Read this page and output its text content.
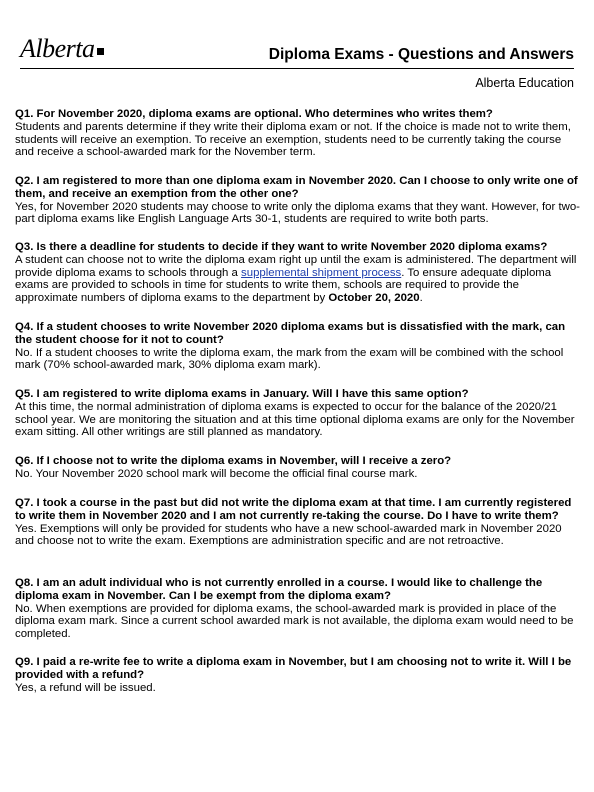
Alberta	Diploma Exams - Questions and Answers
Alberta Education
Q1. For November 2020, diploma exams are optional. Who determines who writes them?
Students and parents determine if they write their diploma exam or not. If the choice is made not to write them, students will receive an exemption. To receive an exemption, students need to be currently taking the course and receive a school-awarded mark for the November term.
Q2. I am registered to more than one diploma exam in November 2020. Can I choose to only write one of them, and receive an exemption from the other one?
Yes, for November 2020 students may choose to write only the diploma exams that they want. However, for two-part diploma exams like English Language Arts 30-1, students are required to write both parts.
Q3. Is there a deadline for students to decide if they want to write November 2020 diploma exams?
A student can choose not to write the diploma exam right up until the exam is administered. The department will provide diploma exams to schools through a supplemental shipment process. To ensure adequate diploma exams are provided to schools in time for students to write them, schools are required to provide the approximate numbers of diploma exams to the department by October 20, 2020.
Q4. If a student chooses to write November 2020 diploma exams but is dissatisfied with the mark, can the student choose for it not to count?
No. If a student chooses to write the diploma exam, the mark from the exam will be combined with the school mark (70% school-awarded mark, 30% diploma exam mark).
Q5. I am registered to write diploma exams in January. Will I have this same option?
At this time, the normal administration of diploma exams is expected to occur for the balance of the 2020/21 school year. We are monitoring the situation and at this time optional diploma exams are only for the November exam sitting. All other writings are still planned as mandatory.
Q6. If I choose not to write the diploma exams in November, will I receive a zero?
No. Your November 2020 school mark will become the official final course mark.
Q7. I took a course in the past but did not write the diploma exam at that time. I am currently registered to write them in November 2020 and I am not currently re-taking the course. Do I have to write them?
Yes. Exemptions will only be provided for students who have a new school-awarded mark in November 2020 and choose not to write the exam. Exemptions are administration specific and are not retroactive.
Q8. I am an adult individual who is not currently enrolled in a course. I would like to challenge the diploma exam in November. Can I be exempt from the diploma exam?
No. When exemptions are provided for diploma exams, the school-awarded mark is provided in place of the diploma exam mark. Since a current school awarded mark is not available, the diploma exam would need to be completed.
Q9. I paid a re-write fee to write a diploma exam in November, but I am choosing not to write it. Will I be provided with a refund?
Yes, a refund will be issued.
